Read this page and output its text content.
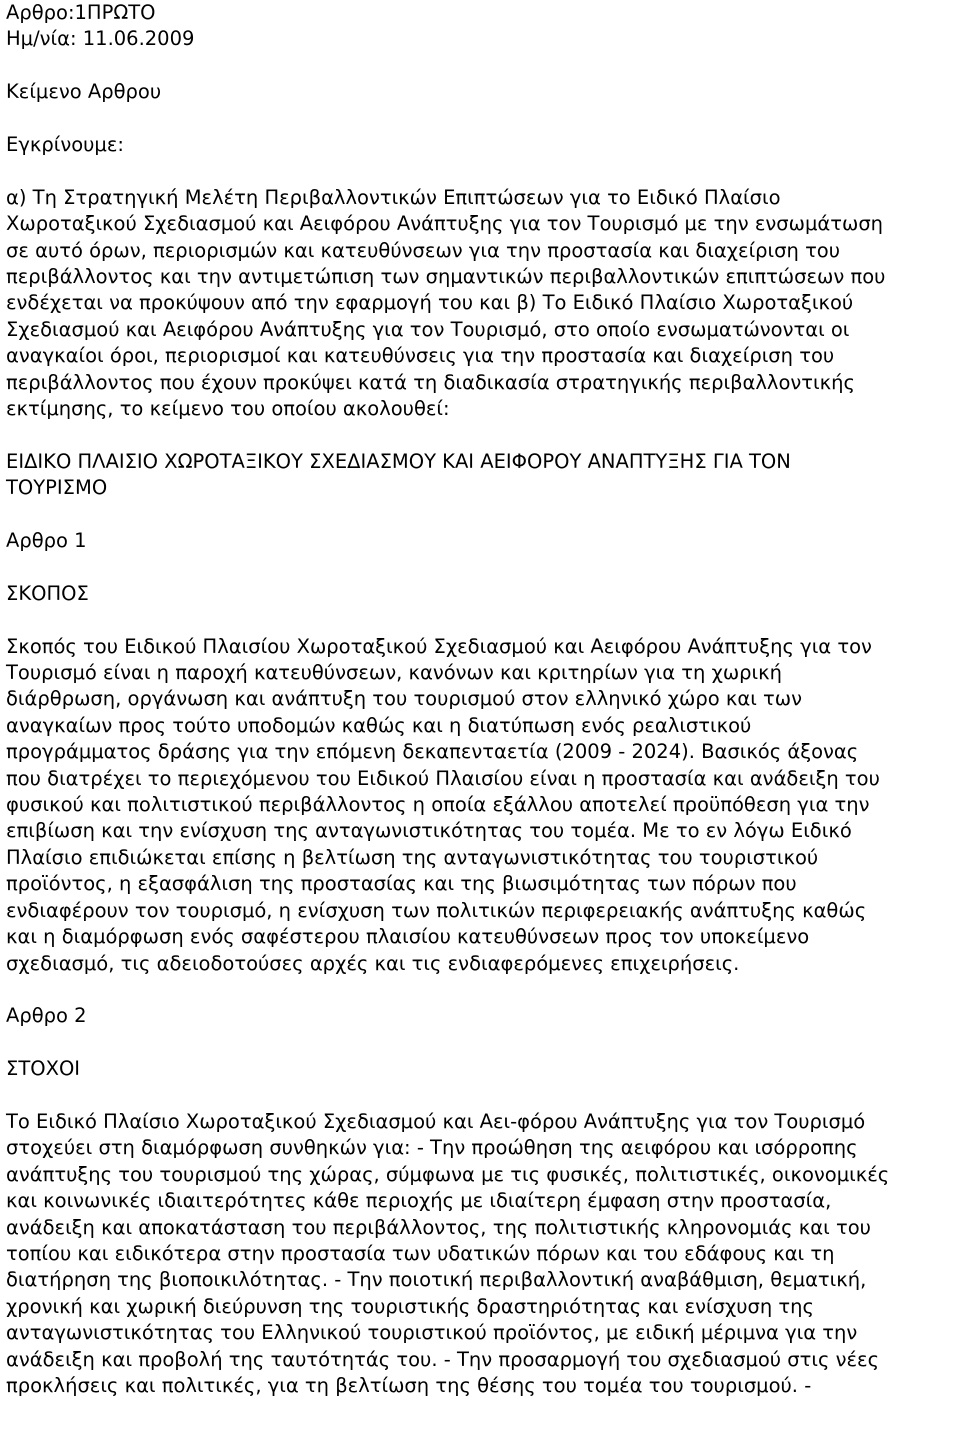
Αρθρο:1ΠΡΩΤΟ

Ημ/νία: 11.06.2009

Κείμενο Αρθρου

Εγκρίνουμε:

α) Τη Στρατηγική Μελέτη Περιβαλλοντικών Επιπτώσεων για το Ειδικό Πλαίσιο

Χωροταξικού Σχεδιασμού και Αειφόρου Ανάπτυξης για τον Τουρισμό με την ενσωμάτωση

σε αυτό όρων, περιορισμών και κατευθύνσεων για την προστασία και διαχείριση του

περιβάλλοντος και την αντιμετώπιση των σημαντικών περιβαλλοντικών επιπτώσεων που

ενδέχεται να προκύψουν από την εφαρμογή του και β) Το Ειδικό Πλαίσιο Χωροταξικού

Σχεδιασμού και Αειφόρου Ανάπτυξης για τον Τουρισμό, στο οποίο ενσωματώνονται οι

αναγκαίοι όροι, περιορισμοί και κατευθύνσεις για την προστασία και διαχείριση του

περιβάλλοντος που έχουν προκύψει κατά τη διαδικασία στρατηγικής περιβαλλοντικής

εκτίμησης, το κείμενο του οποίου ακολουθεί:

ΕΙΔΙΚΟ ΠΛΑΙΣΙΟ ΧΩΡΟΤΑΞΙΚΟΥ ΣΧΕΔΙΑΣΜΟΥ ΚΑΙ ΑΕΙΦΟΡΟΥ ΑΝΑΠΤΥΞΗΣ ΓΙΑ ΤΟΝ

ΤΟΥΡΙΣΜΟ

Αρθρο 1

ΣΚΟΠΟΣ

Σκοπός του Ειδικού Πλαισίου Χωροταξικού Σχεδιασμού και Αειφόρου Ανάπτυξης για τον

Τουρισμό είναι η παροχή κατευθύνσεων, κανόνων και κριτηρίων για τη χωρική

διάρθρωση, οργάνωση και ανάπτυξη του τουρισμού στον ελληνικό χώρο και των

αναγκαίων προς τούτο υποδομών καθώς και η διατύπωση ενός ρεαλιστικού

προγράμματος δράσης για την επόμενη δεκαπενταετία (2009 - 2024). Βασικός άξονας

που διατρέχει το περιεχόμενου του Ειδικού Πλαισίου είναι η προστασία και ανάδειξη του

φυσικού και πολιτιστικού περιβάλλοντος η οποία εξάλλου αποτελεί προϋπόθεση για την

επιβίωση και την ενίσχυση της ανταγωνιστικότητας του τομέα. Με το εν λόγω Ειδικό

Πλαίσιο επιδιώκεται επίσης η βελτίωση της ανταγωνιστικότητας του τουριστικού

προϊόντος, η εξασφάλιση της προστασίας και της βιωσιμότητας των πόρων που

ενδιαφέρουν τον τουρισμό, η ενίσχυση των πολιτικών περιφερειακής ανάπτυξης καθώς

και η διαμόρφωση ενός σαφέστερου πλαισίου κατευθύνσεων προς τον υποκείμενο

σχεδιασμό, τις αδειοδοτούσες αρχές και τις ενδιαφερόμενες επιχειρήσεις.

Αρθρο 2

ΣΤΟΧΟΙ

Το Ειδικό Πλαίσιο Χωροταξικού Σχεδιασμού και Αει-φόρου Ανάπτυξης για τον Τουρισμό

στοχεύει στη διαμόρφωση συνθηκών για: - Την προώθηση της αειφόρου και ισόρροπης

ανάπτυξης του τουρισμού της χώρας, σύμφωνα με τις φυσικές, πολιτιστικές, οικονομικές

και κοινωνικές ιδιαιτερότητες κάθε περιοχής με ιδιαίτερη έμφαση στην προστασία,

ανάδειξη και αποκατάσταση του περιβάλλοντος, της πολιτιστικής κληρονομιάς και του

τοπίου και ειδικότερα στην προστασία των υδατικών πόρων και του εδάφους και τη

διατήρηση της βιοποικιλότητας. - Την ποιοτική περιβαλλοντική αναβάθμιση, θεματική,

χρονική και χωρική διεύρυνση της τουριστικής δραστηριότητας και ενίσχυση της

ανταγωνιστικότητας του Ελληνικού τουριστικού προϊόντος, με ειδική μέριμνα για την

ανάδειξη και προβολή της ταυτότητάς του. - Την προσαρμογή του σχεδιασμού στις νέες

προκλήσεις και πολιτικές, για τη βελτίωση της θέσης του τομέα του τουρισμού. -
